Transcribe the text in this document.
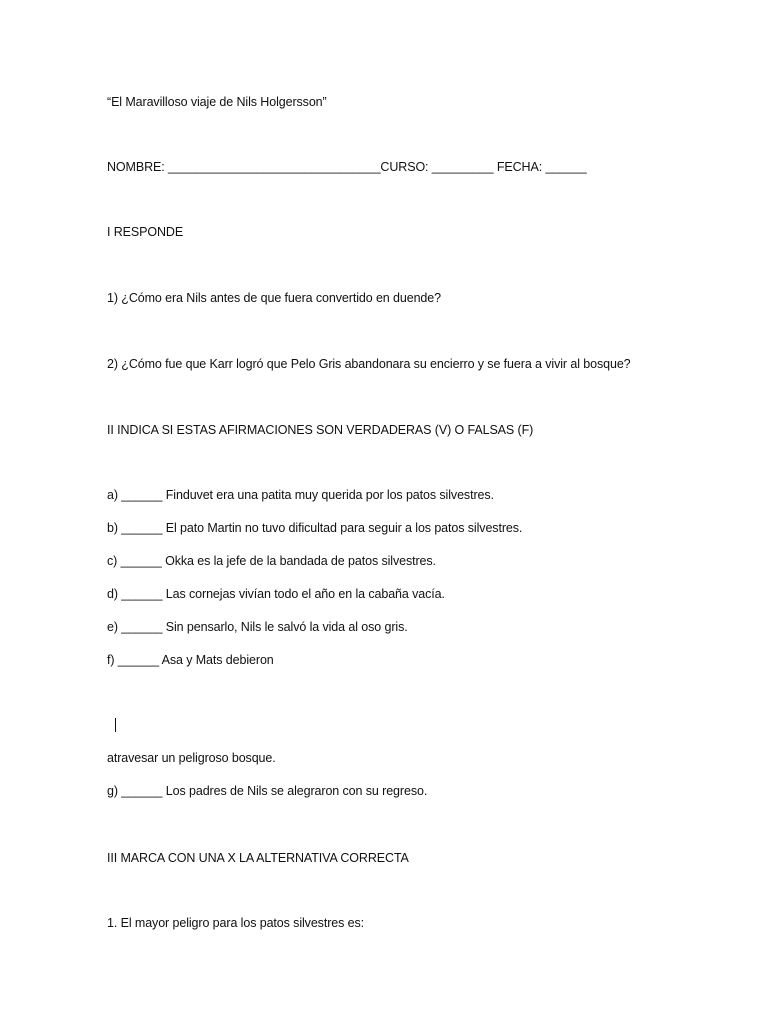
“El Maravilloso viaje de Nils Holgersson”
NOMBRE: _______________________________CURSO: _________ FECHA: ______
I RESPONDE
1) ¿Cómo era Nils antes de que fuera convertido en duende?
2) ¿Cómo fue que Karr logró que Pelo Gris abandonara su encierro y se fuera a vivir al bosque?
II INDICA SI ESTAS AFIRMACIONES SON VERDADERAS (V) O FALSAS (F)
a) ______ Finduvet era una patita muy querida por los patos silvestres.
b) ______ El pato Martin no tuvo dificultad para seguir a los patos silvestres.
c) ______ Okka es la jefe de la bandada de patos silvestres.
d) ______ Las cornejas vivían todo el año en la cabaña vacía.
e) ______ Sin pensarlo, Nils le salvó la vida al oso gris.
f) ______ Asa y Mats debieron
atravesar un peligroso bosque.
g) ______ Los padres de Nils se alegraron con su regreso.
III MARCA CON UNA X LA ALTERNATIVA CORRECTA
1. El mayor peligro para los patos silvestres es:
